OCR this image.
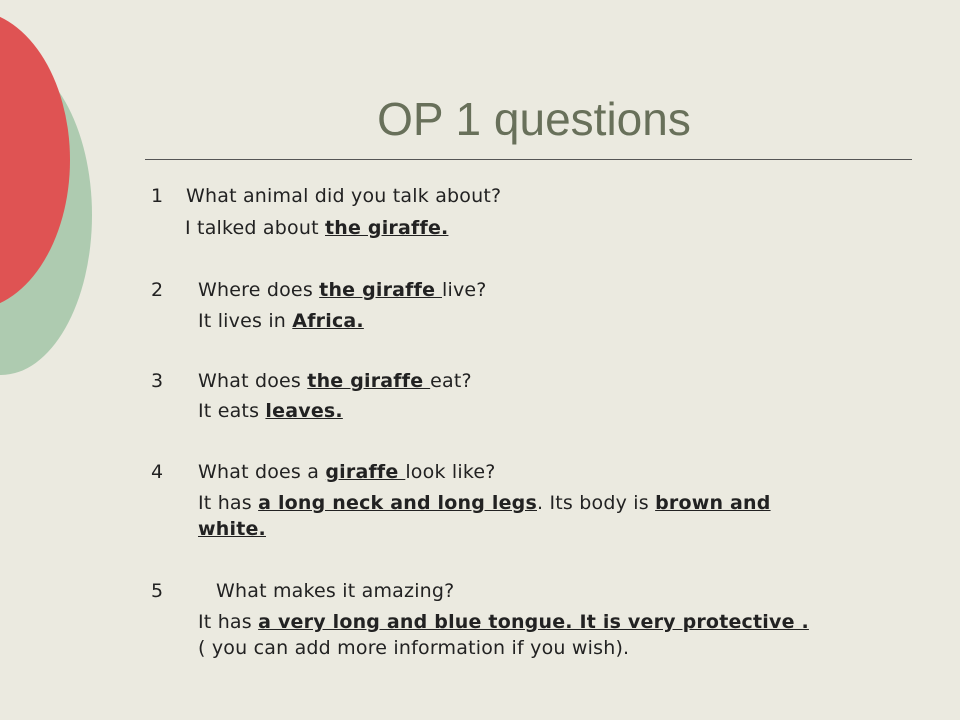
OP 1 questions
1 What animal did you talk about?
I talked about the giraffe.
2 Where does the giraffe live?
It lives in Africa.
3 What does the giraffe eat?
It eats leaves.
4 What does a giraffe look like?
It has a long neck and long legs. Its body is brown and
white.
5	What makes it amazing?
It has a very long and blue tongue. It is very protective .
( you can add more information if you wish).
